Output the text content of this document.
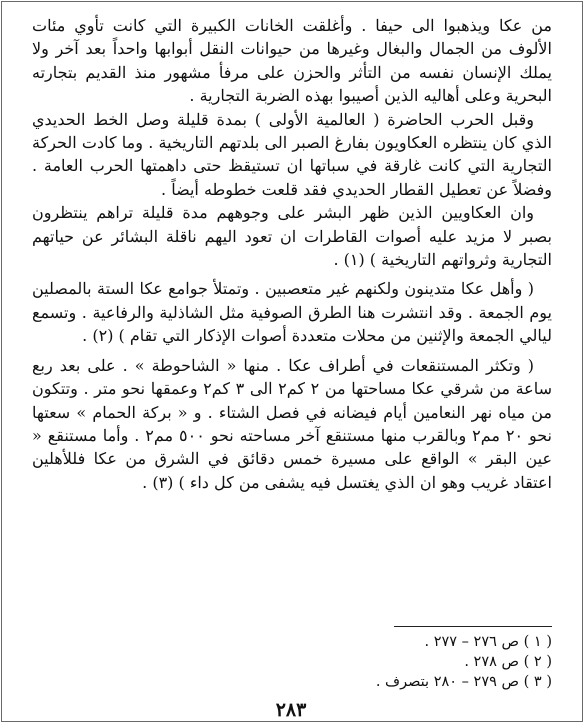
من عكا ويذهبوا الى حيفا . وأغلقت الخانات الكبيرة التي كانت تأوي مئات الألوف من الجمال والبغال وغيرها من حيوانات النقل أبوابها واحداً بعد آخر ولا يملك الإنسان نفسه من التأثر والحزن على مرفأ مشهور منذ القديم بتجارته البحرية وعلى أهاليه الذين أصيبوا بهذه الضربة التجارية .

وقبل الحرب الحاضرة ( العالمية الأولى ) بمدة قليلة وصل الخط الحديدي الذي كان ينتظره العكاويون بفارغ الصبر الى بلدتهم التاريخية . وما كادت الحركة التجارية التي كانت غارقة في سباتها ان تستيقظ حتى داهمتها الحرب العامة . وفضلاً عن تعطيل القطار الحديدي فقد قلعت خطوطه أيضاً .

وان العكاويين الذين ظهر البشر على وجوههم مدة قليلة تراهم ينتظرون بصبر لا مزيد عليه أصوات القاطرات ان تعود اليهم ناقلة البشائر عن حياتهم التجارية وثرواتهم التاريخية ) (١) .

( وأهل عكا متدينون ولكنهم غير متعصبين . وتمتلأ جوامع عكا الستة بالمصلين يوم الجمعة . وقد انتشرت هنا الطرق الصوفية مثل الشاذلية والرفاعية . وتسمع ليالي الجمعة والإثنين من محلات متعددة أصوات الإذكار التي تقام ) (٢) .

( وتكثر المستنقعات في أطراف عكا . منها « الشاحوطة » . على بعد ربع ساعة من شرقي عكا مساحتها من ٢ كم٢ الى ٣ كم٢ وعمقها نحو متر . وتتكون من مياه نهر النعامين أيام فيضانه في فصل الشتاء . و « بركة الحمام » سعتها نحو ٢٠ مم٢ وبالقرب منها مستنقع آخر مساحته نحو ٥٠٠ مم٢ . وأما مستنقع « عين البقر » الواقع على مسيرة خمس دقائق في الشرق من عكا فللأهلين اعتقاد غريب وهو ان الذي يغتسل فيه يشفى من كل داء ) (٣) .

( ١ ) ص ٢٧٦ – ٢٧٧ .

( ٢ ) ص ٢٧٨ .

( ٣ ) ص ٢٧٩ – ٢٨٠ بتصرف .

٢٨٣
